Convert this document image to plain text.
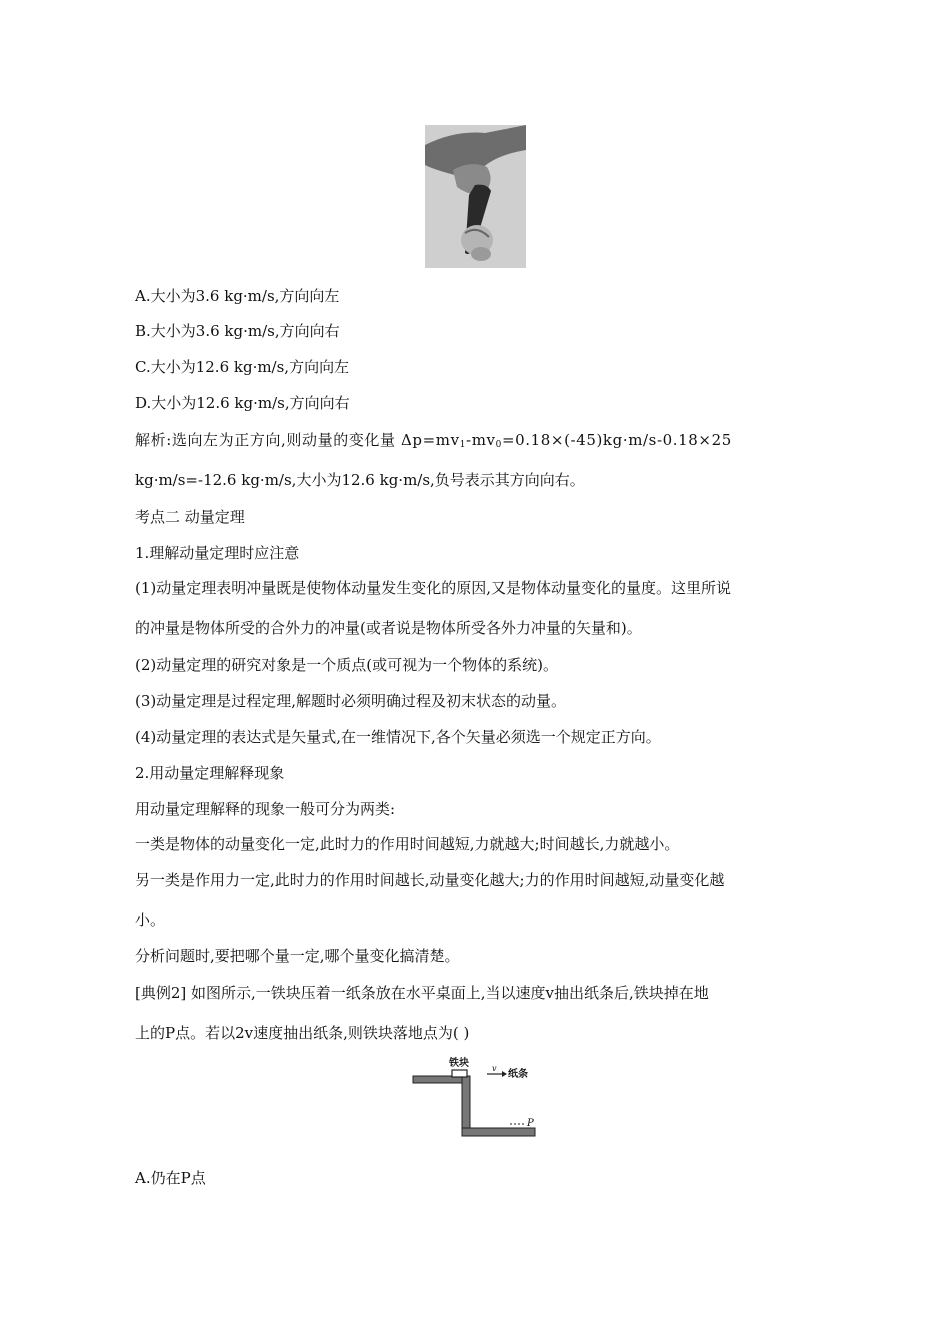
A.大小为3.6 kg·m/s,方向向左
B.大小为3.6 kg·m/s,方向向右
C.大小为12.6 kg·m/s,方向向左
D.大小为12.6 kg·m/s,方向向右
解析:选向左为正方向,则动量的变化量 $\Delta p=mv_1-mv_0=0.18\times(-45)kg\cdot m/s-0.18\times 25$
kg·m/s=-12.6 kg·m/s,大小为12.6 kg·m/s,负号表示其方向向右。
考点二 动量定理
1.理解动量定理时应注意
(1)动量定理表明冲量既是使物体动量发生变化的原因,又是物体动量变化的量度。这里所说
的冲量是物体所受的合外力的冲量(或者说是物体所受各外力冲量的矢量和)。
(2)动量定理的研究对象是一个质点(或可视为一个物体的系统)。
(3)动量定理是过程定理,解题时必须明确过程及初末状态的动量。
(4)动量定理的表达式是矢量式,在一维情况下,各个矢量必须选一个规定正方向。
2.用动量定理解释现象
用动量定理解释的现象一般可分为两类:
一类是物体的动量变化一定,此时力的作用时间越短,力就越大;时间越长,力就越小。
另一类是作用力一定,此时力的作用时间越长,动量变化越大;力的作用时间越短,动量变化越
小。
分析问题时,要把哪个量一定,哪个量变化搞清楚。
[典例2] 如图所示,一铁块压着一纸条放在水平桌面上,当以速度v抽出纸条后,铁块掉在地
上的P点。若以2v速度抽出纸条,则铁块落地点为( )
铁块	v
纸条
P
A.仍在P点
